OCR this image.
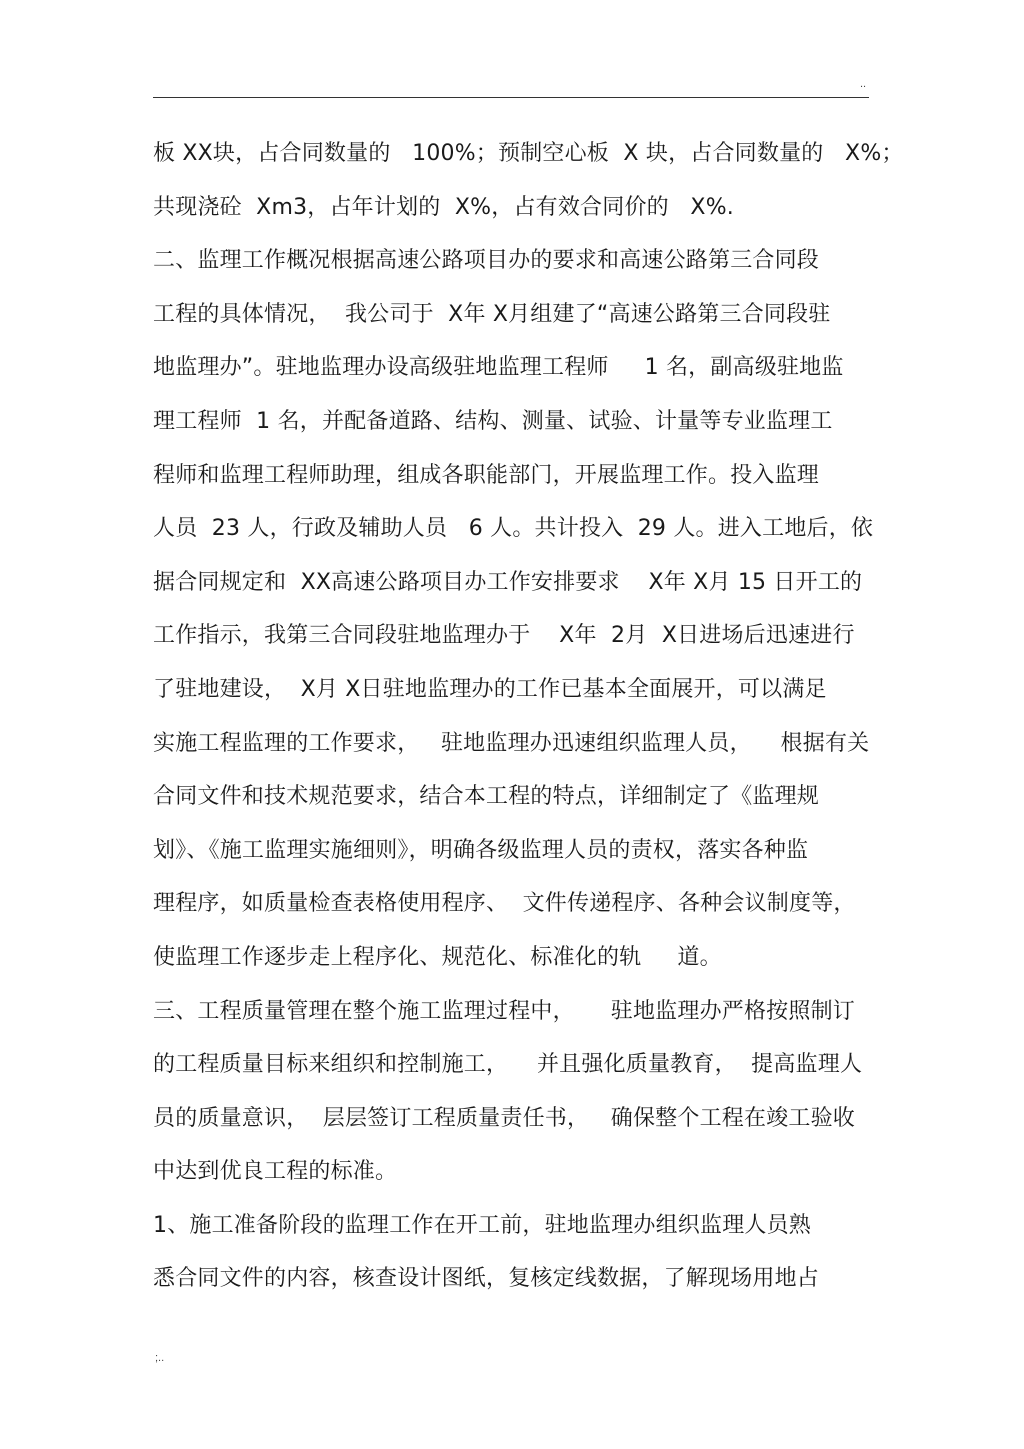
..
板 XX块，占合同数量的   100%；预制空心板  X 块，占合同数量的   X%；
共现浇砼  Xm3，占年计划的  X%，占有效合同价的   X%.
二、监理工作概况根据高速公路项目办的要求和高速公路第三合同段
工程的具体情况，  我公司于  X年 X月组建了“高速公路第三合同段驻
地监理办”。驻地监理办设高级驻地监理工程师     1 名，副高级驻地监
理工程师  1 名，并配备道路、结构、测量、试验、计量等专业监理工
程师和监理工程师助理，组成各职能部门，开展监理工作。投入监理
人员  23 人，行政及辅助人员   6 人。共计投入  29 人。进入工地后，依
据合同规定和  XX高速公路项目办工作安排要求    X年 X月 15 日开工的
工作指示，我第三合同段驻地监理办于    X年  2月  X日进场后迅速进行
了驻地建设，  X月 X日驻地监理办的工作已基本全面展开，可以满足
实施工程监理的工作要求，   驻地监理办迅速组织监理人员，    根据有关
合同文件和技术规范要求，结合本工程的特点，详细制定了《监理规
划》、《施工监理实施细则》，明确各级监理人员的责权，落实各种监
理程序，如质量检查表格使用程序、  文件传递程序、各种会议制度等，
使监理工作逐步走上程序化、规范化、标准化的轨     道。
三、工程质量管理在整个施工监理过程中，     驻地监理办严格按照制订
的工程质量目标来组织和控制施工，    并且强化质量教育，  提高监理人
员的质量意识，  层层签订工程质量责任书，   确保整个工程在竣工验收
中达到优良工程的标准。
1、施工准备阶段的监理工作在开工前，驻地监理办组织监理人员熟
悉合同文件的内容，核查设计图纸，复核定线数据，了解现场用地占
;..
